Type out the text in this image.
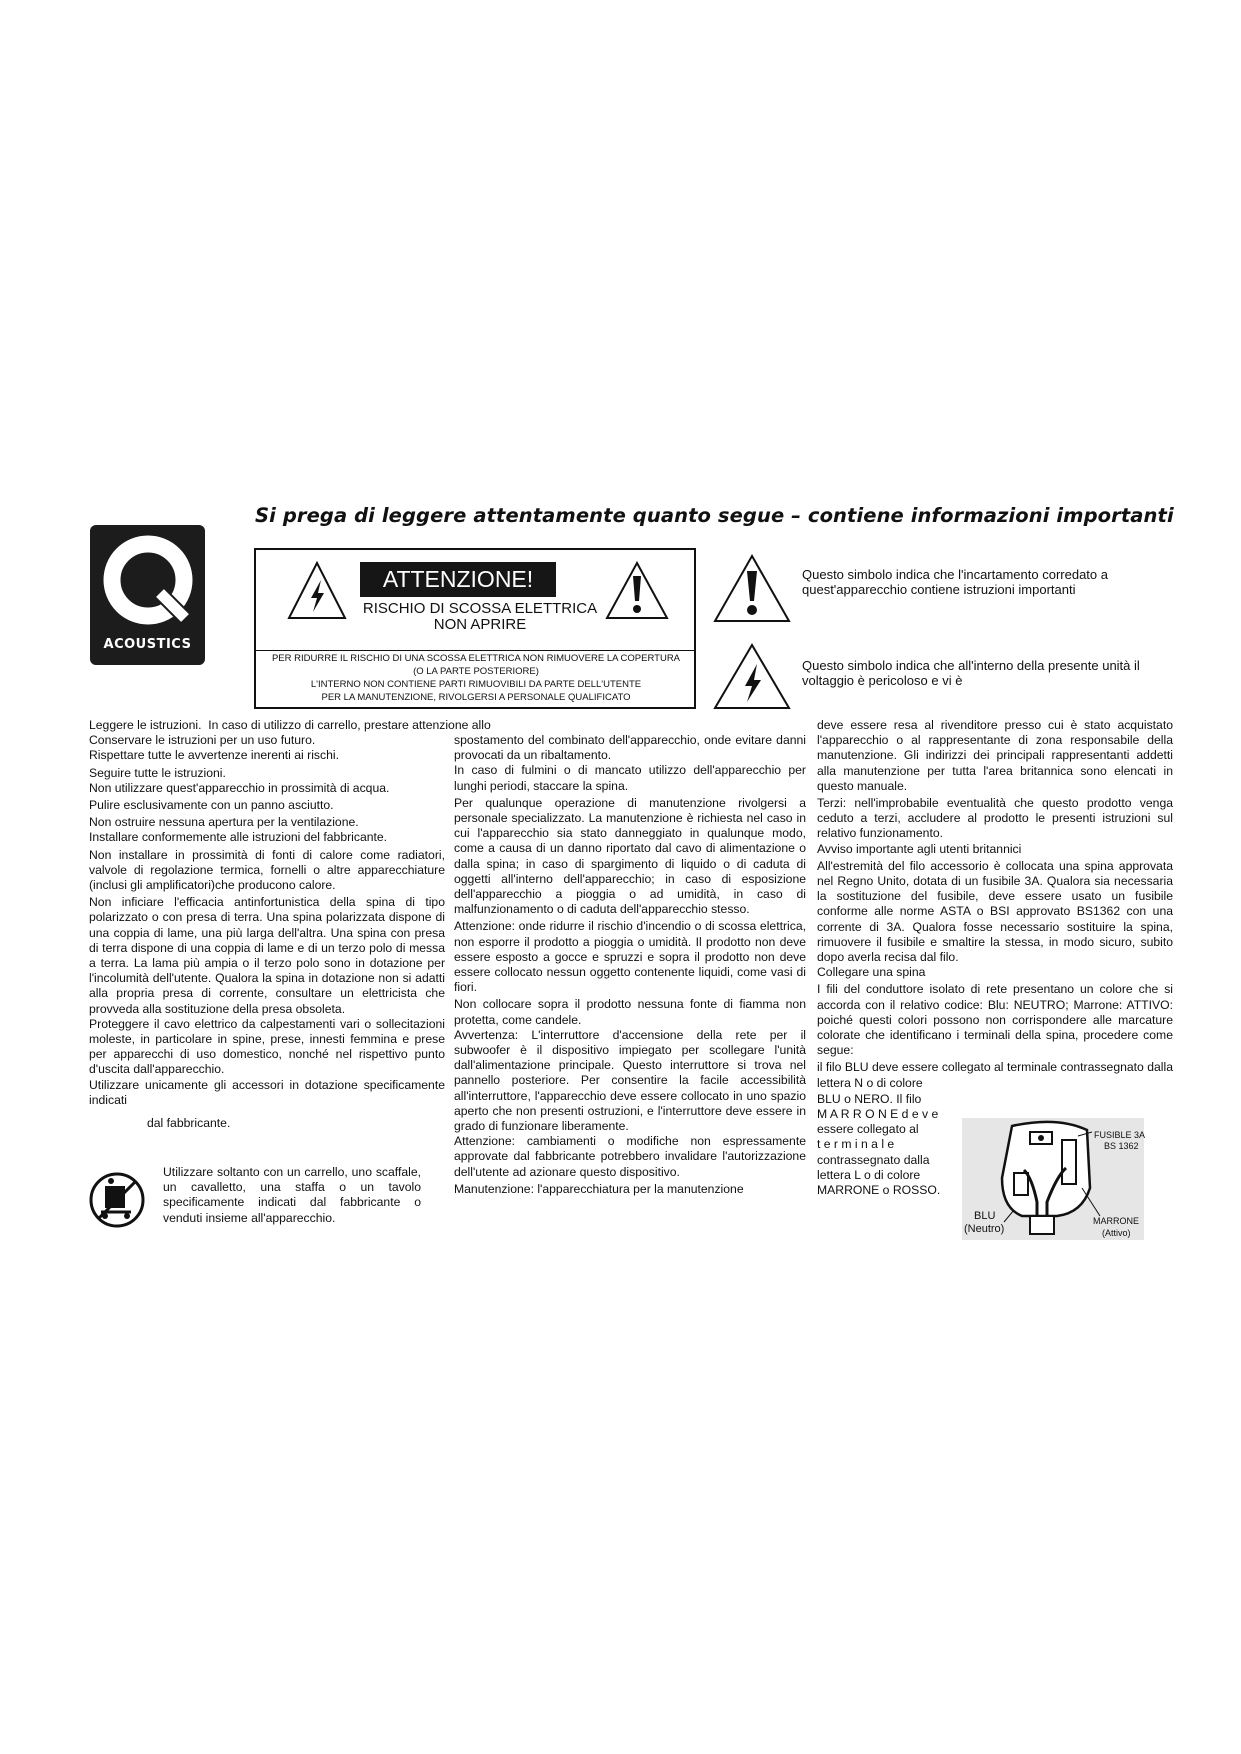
Si prega di leggere attentamente quanto segue – contiene informazioni importanti
ACOUSTICS
ATTENZIONE!
RISCHIO DI SCOSSA ELETTRICA
NON APRIRE
PER RIDURRE IL RISCHIO DI UNA SCOSSA ELETTRICA NON RIMUOVERE LA COPERTURA
(O LA PARTE POSTERIORE)
L'INTERNO NON CONTIENE PARTI RIMUOVIBILI DA PARTE DELL'UTENTE
PER LA MANUTENZIONE, RIVOLGERSI A PERSONALE QUALIFICATO
Questo simbolo indica che l'incartamento corredato a quest'apparecchio contiene istruzioni importanti
Questo simbolo indica che all'interno della presente unità il voltaggio è pericoloso e vi è
Leggere le istruzioni. In caso di utilizzo di carrello, prestare attenzione allo

Conservare le istruzioni per un uso futuro.

Rispettare tutte le avvertenze inerenti ai rischi.

Seguire tutte le istruzioni.

Non utilizzare quest'apparecchio in prossimità di acqua.

Pulire esclusivamente con un panno asciutto.

Non ostruire nessuna apertura per la ventilazione.

Installare conformemente alle istruzioni del fabbricante.

Non installare in prossimità di fonti di calore come radiatori, valvole di regolazione termica, fornelli o altre apparecchiature (inclusi gli amplificatori)che producono calore.

Non inficiare l'efficacia antinfortunistica della spina di tipo polarizzato o con presa di terra. Una spina polarizzata dispone di una coppia di lame, una più larga dell'altra. Una spina con presa di terra dispone di una coppia di lame e di un terzo polo di messa a terra. La lama più ampia o il terzo polo sono in dotazione per l'incolumità dell'utente. Qualora la spina in dotazione non si adatti alla propria presa di corrente, consultare un elettricista che provveda alla sostituzione della presa obsoleta.

Proteggere il cavo elettrico da calpestamenti vari o sollecitazioni moleste, in particolare in spine, prese, innesti femmina e prese per apparecchi di uso domestico, nonché nel rispettivo punto d'uscita dall'apparecchio.

Utilizzare unicamente gli accessori in dotazione specificamente indicati

dal fabbricante.

Utilizzare soltanto con un carrello, uno scaffale, un cavalletto, una staffa o un tavolo specificamente indicati dal fabbricante o venduti insieme all'apparecchio.

spostamento del combinato dell'apparecchio, onde evitare danni provocati da un ribaltamento.

In caso di fulmini o di mancato utilizzo dell'apparecchio per lunghi periodi, staccare la spina.

Per qualunque operazione di manutenzione rivolgersi a personale specializzato. La manutenzione è richiesta nel caso in cui l'apparecchio sia stato danneggiato in qualunque modo, come a causa di un danno riportato dal cavo di alimentazione o dalla spina; in caso di spargimento di liquido o di caduta di oggetti all'interno dell'apparecchio; in caso di esposizione dell'apparecchio a pioggia o ad umidità, in caso di malfunzionamento o di caduta dell'apparecchio stesso.

Attenzione: onde ridurre il rischio d'incendio o di scossa elettrica, non esporre il prodotto a pioggia o umidità. Il prodotto non deve essere esposto a gocce e spruzzi e sopra il prodotto non deve essere collocato nessun oggetto contenente liquidi, come vasi di fiori.

Non collocare sopra il prodotto nessuna fonte di fiamma non protetta, come candele.

Avvertenza: L'interruttore d'accensione della rete per il subwoofer è il dispositivo impiegato per scollegare l'unità dall'alimentazione principale. Questo interruttore si trova nel pannello posteriore. Per consentire la facile accessibilità all'interruttore, l'apparecchio deve essere collocato in uno spazio aperto che non presenti ostruzioni, e l'interruttore deve essere in grado di funzionare liberamente.

Attenzione: cambiamenti o modifiche non espressamente approvate dal fabbricante potrebbero invalidare l'autorizzazione dell'utente ad azionare questo dispositivo.

Manutenzione: l'apparecchiatura per la manutenzione

deve essere resa al rivenditore presso cui è stato acquistato l'apparecchio o al rappresentante di zona responsabile della manutenzione. Gli indirizzi dei principali rappresentanti addetti alla manutenzione per tutta l'area britannica sono elencati in questo manuale.

Terzi: nell'improbabile eventualità che questo prodotto venga ceduto a terzi, accludere al prodotto le presenti istruzioni sul relativo funzionamento.

Avviso importante agli utenti britannici

All'estremità del filo accessorio è collocata una spina approvata nel Regno Unito, dotata di un fusibile 3A. Qualora sia necessaria la sostituzione del fusibile, deve essere usato un fusibile conforme alle norme ASTA o BSI approvato BS1362 con una corrente di 3A. Qualora fosse necessario sostituire la spina, rimuovere il fusibile e smaltire la stessa, in modo sicuro, subito dopo averla recisa dal filo.

Collegare una spina

I fili del conduttore isolato di rete presentano un colore che si accorda con il relativo codice: Blu: NEUTRO; Marrone: ATTIVO: poiché questi colori possono non corrispondere alle marcature colorate che identificano i terminali della spina, procedere come segue:

il filo BLU deve essere collegato al terminale contrassegnato dalla lettera N o di colore

BLU o NERO. Il filo

M A R R O N E d e v e

essere collegato al

t e r m i n a l e

contrassegnato dalla

lettera L o di colore

MARRONE o ROSSO.

FUSIBLE 3A
BS 1362
BLU
(Neutro)
MARRONE
(Attivo)
